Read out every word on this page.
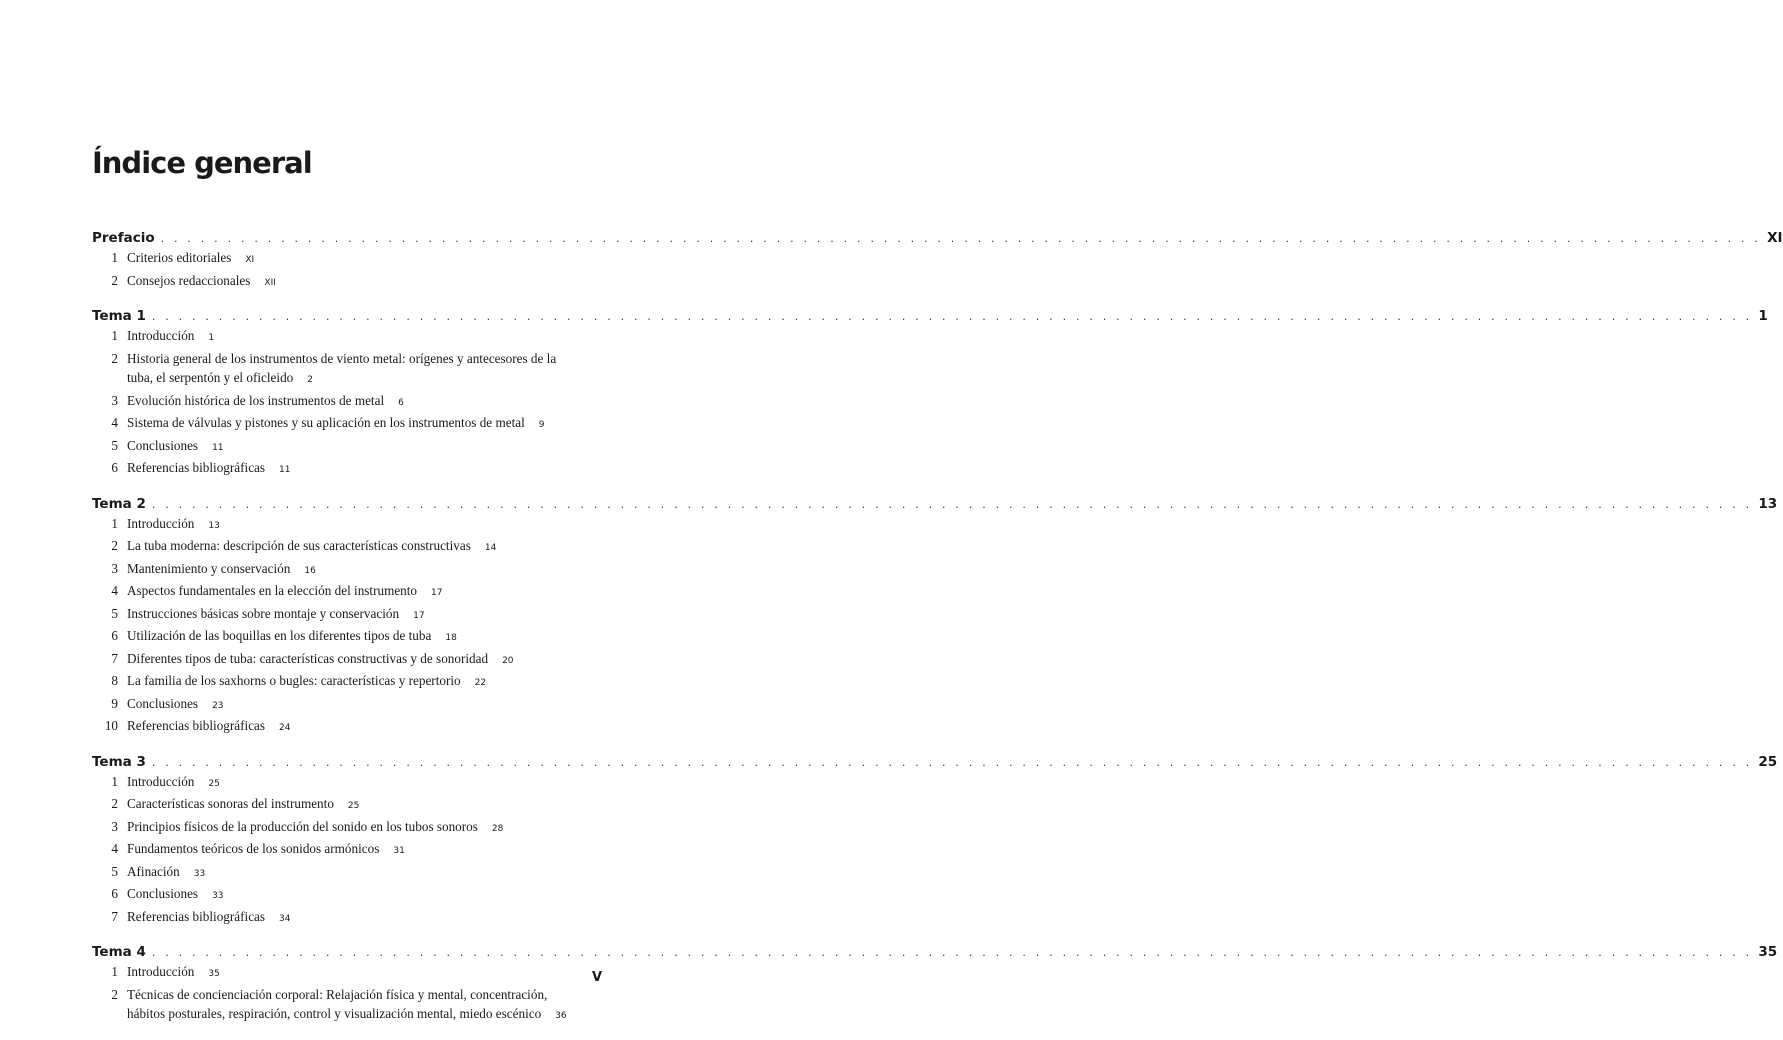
Índice general
Prefacio . . . . . . . . . . . . . . . . . . . . . . . . . . . . . . . . . . . . . . . . . . . . . . . . . . . . . . . . . . . . . . . . . . . . . . . . . . . . . . . . . . . . . . . . . . . . . . . . . . . . . . . . . . . . . . . . . . . . . . . . XI
1 Criterios editoriales XI
2 Consejos redaccionales XII
Tema 1 . . . . . . . . . . . . . . . . . . . . . . . . . . . . . . . . . . . . . . . . . . . . . . . . . . . . . . . . . . . . . . . . . . . . . . . . . . . . . . . . . . . . . . . . . . . . . . . . . . . . . . . . . . . . . . . . . . . . . . . . 1
1 Introducción 1
2 Historia general de los instrumentos de viento metal: orígenes y antecesores de la tuba, el serpentón y el oficleido 2
3 Evolución histórica de los instrumentos de metal 6
4 Sistema de válvulas y pistones y su aplicación en los instrumentos de metal 9
5 Conclusiones 11
6 Referencias bibliográficas 11
Tema 2 . . . . . . . . . . . . . . . . . . . . . . . . . . . . . . . . . . . . . . . . . . . . . . . . . . . . . . . . . . . . . . . . . . . . . . . . . . . . . . . . . . . . . . . . . . . . . . . . . . . . . . . . . . . . . . . . . . . . . . . . 13
1 Introducción 13
2 La tuba moderna: descripción de sus características constructivas 14
3 Mantenimiento y conservación 16
4 Aspectos fundamentales en la elección del instrumento 17
5 Instrucciones básicas sobre montaje y conservación 17
6 Utilización de las boquillas en los diferentes tipos de tuba 18
7 Diferentes tipos de tuba: características constructivas y de sonoridad 20
8 La familia de los saxhorns o bugles: características y repertorio 22
9 Conclusiones 23
10 Referencias bibliográficas 24
Tema 3 . . . . . . . . . . . . . . . . . . . . . . . . . . . . . . . . . . . . . . . . . . . . . . . . . . . . . . . . . . . . . . . . . . . . . . . . . . . . . . . . . . . . . . . . . . . . . . . . . . . . . . . . . . . . . . . . . . . . . . . . 25
1 Introducción 25
2 Características sonoras del instrumento 25
3 Principios físicos de la producción del sonido en los tubos sonoros 28
4 Fundamentos teóricos de los sonidos armónicos 31
5 Afinación 33
6 Conclusiones 33
7 Referencias bibliográficas 34
Tema 4 . . . . . . . . . . . . . . . . . . . . . . . . . . . . . . . . . . . . . . . . . . . . . . . . . . . . . . . . . . . . . . . . . . . . . . . . . . . . . . . . . . . . . . . . . . . . . . . . . . . . . . . . . . . . . . . . . . . . . . . . 35
1 Introducción 35
2 Técnicas de concienciación corporal: Relajación física y mental, concentración, hábitos posturales, respiración, control y visualización mental, miedo escénico 36
V
